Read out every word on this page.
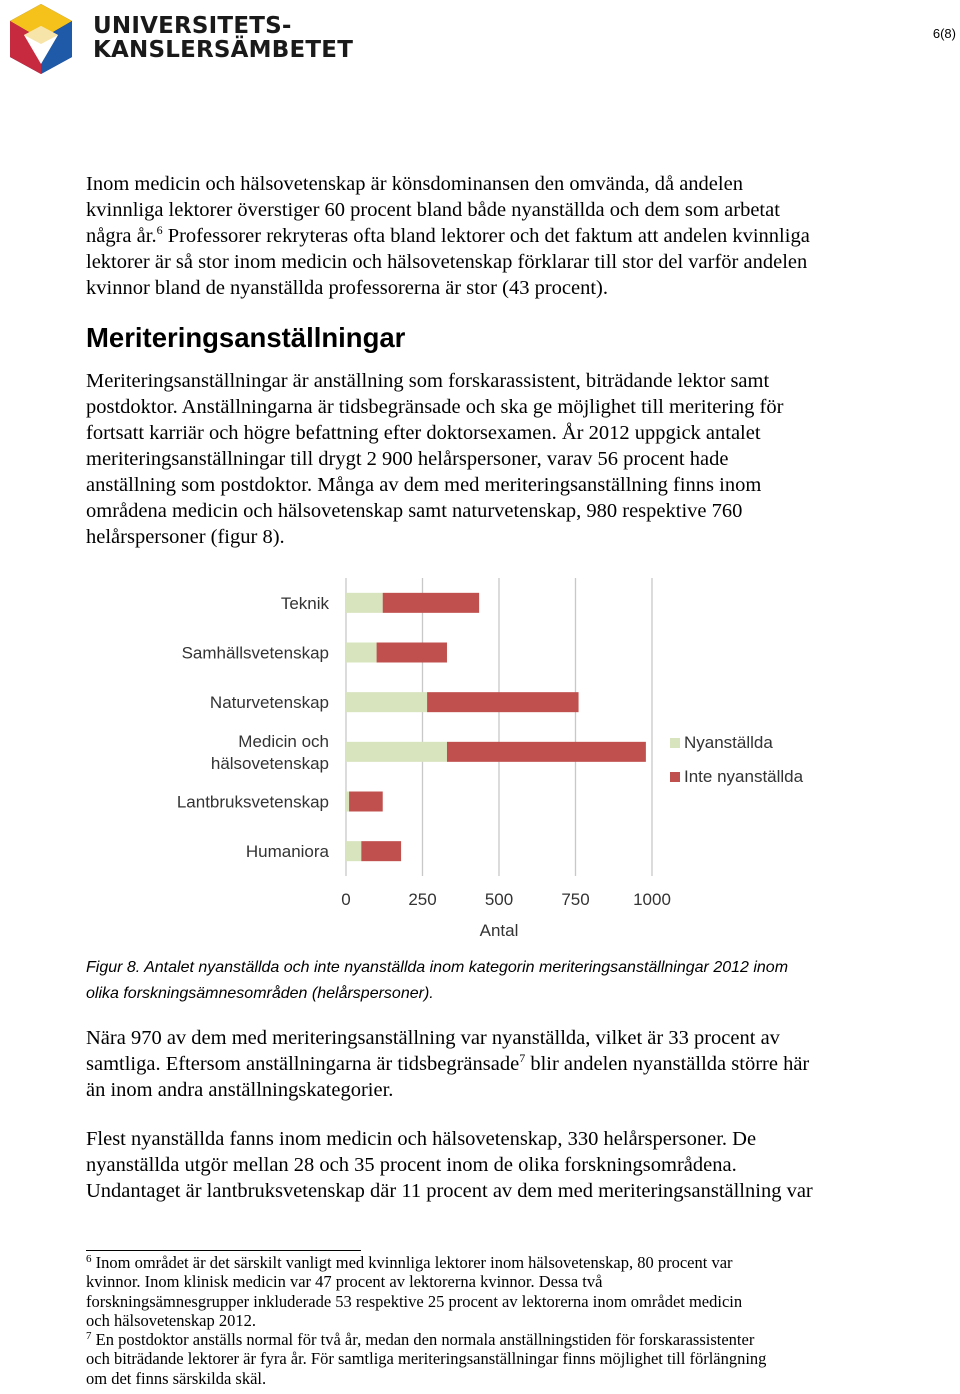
UNIVERSITETS-
KANSLERSÄMBETET
6(8)
Inom medicin och hälsovetenskap är könsdominansen den omvända, då andelen
kvinnliga lektorer överstiger 60 procent bland både nyanställda och dem som arbetat
några år.$^6$ Professorer rekryteras ofta bland lektorer och det faktum att andelen kvinnliga
lektorer är så stor inom medicin och hälsovetenskap förklarar till stor del varför andelen
kvinnor bland de nyanställda professorerna är stor (43 procent).
Meriteringsanställningar
Meriteringsanställningar är anställning som forskarassistent, biträdande lektor samt
postdoktor. Anställningarna är tidsbegränsade och ska ge möjlighet till meritering för
fortsatt karriär och högre befattning efter doktorsexamen. År 2012 uppgick antalet
meriteringsanställningar till drygt 2 900 helårspersoner, varav 56 procent hade
anställning som postdoktor. Många av dem med meriteringsanställning finns inom
områdena medicin och hälsovetenskap samt naturvetenskap, 980 respektive 760
helårspersoner (figur 8).
Teknik
Samhällsvetenskap
Naturvetenskap
Medicin och hälsovetenskap
Lantbruksvetenskap
Humaniora
0	250	500	750	1000
Antal
Nyanställda
Inte nyanställda
Figur 8. Antalet nyanställda och inte nyanställda inom kategorin meriteringsanställningar 2012 inom
olika forskningsämnesområden (helårspersoner).
Nära 970 av dem med meriteringsanställning var nyanställda, vilket är 33 procent av
samtliga. Eftersom anställningarna är tidsbegränsade$^7$ blir andelen nyanställda större här
än inom andra anställningskategorier.
Flest nyanställda fanns inom medicin och hälsovetenskap, 330 helårspersoner. De
nyanställda utgör mellan 28 och 35 procent inom de olika forskningsområdena.
Undantaget är lantbruksvetenskap där 11 procent av dem med meriteringsanställning var
$^6$ Inom området är det särskilt vanligt med kvinnliga lektorer inom hälsovetenskap, 80 procent var
kvinnor. Inom klinisk medicin var 47 procent av lektorerna kvinnor. Dessa två
forskningsämnesgrupper inkluderade 53 respektive 25 procent av lektorerna inom området medicin
och hälsovetenskap 2012.
$^7$ En postdoktor anställs normal för två år, medan den normala anställningstiden för forskarassistenter
och biträdande lektorer är fyra år. För samtliga meriteringsanställningar finns möjlighet till förlängning
om det finns särskilda skäl.
